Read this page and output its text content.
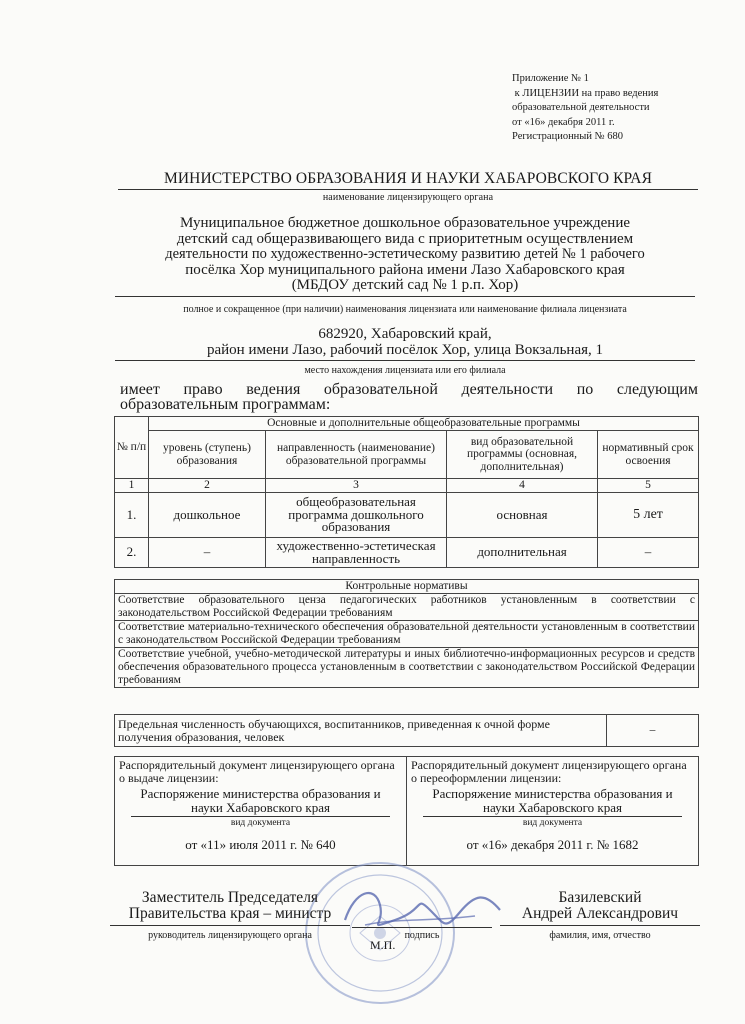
Приложение № 1
к ЛИЦЕНЗИИ на право ведения
образовательной деятельности
от «16» декабря 2011 г.
Регистрационный № 680
МИНИСТЕРСТВО ОБРАЗОВАНИЯ И НАУКИ ХАБАРОВСКОГО КРАЯ
наименование лицензирующего органа
Муниципальное бюджетное дошкольное образовательное учреждение
детский сад общеразвивающего вида с приоритетным осуществлением
деятельности по художественно-эстетическому развитию детей № 1 рабочего
посёлка Хор муниципального района имени Лазо Хабаровского края
(МБДОУ детский сад № 1 р.п. Хор)
полное и сокращенное (при наличии) наименования лицензиата или наименование филиала лицензиата
682920, Хабаровский край,
район имени Лазо, рабочий посёлок Хор, улица Вокзальная, 1
место нахождения лицензиата или его филиала
имеет право ведения образовательной деятельности по следующим
образовательным программам:
№ п/п	Основные и дополнительные общеобразовательные программы			
	уровень (ступень) образования	направленность (наименование) образовательной программы	вид образовательной программы (основная, дополнительная)	нормативный срок освоения
1	2	3	4	5
1.	дошкольное	общеобразовательная программа дошкольного образования	основная	5 лет
2.	–	художественно-эстетическая направленность	дополнительная	–
Контрольные нормативы
Соответствие образовательного ценза педагогических работников установленным в соответствии с законодательством Российской Федерации требованиям
Соответствие материально-технического обеспечения образовательной деятельности установленным в соответствии с законодательством Российской Федерации требованиям
Соответствие учебной, учебно-методической литературы и иных библиотечно-информационных ресурсов и средств обеспечения образовательного процесса установленным в соответствии с законодательством Российской Федерации требованиям
Предельная численность обучающихся, воспитанников, приведенная к очной форме получения образования, человек	–
Распорядительный документ лицензирующего органа о выдаче лицензии:
Распоряжение министерства образования и науки Хабаровского края
вид документа
от «11» июля 2011 г. № 640

Распорядительный документ лицензирующего органа о переоформлении лицензии:
Распоряжение министерства образования и науки Хабаровского края
вид документа
от «16» декабря 2011 г. № 1682
Заместитель Председателя
Правительства края – министр
руководитель лицензирующего органа	подпись
М.П.
Базилевский
Андрей Александрович
фамилия, имя, отчество
